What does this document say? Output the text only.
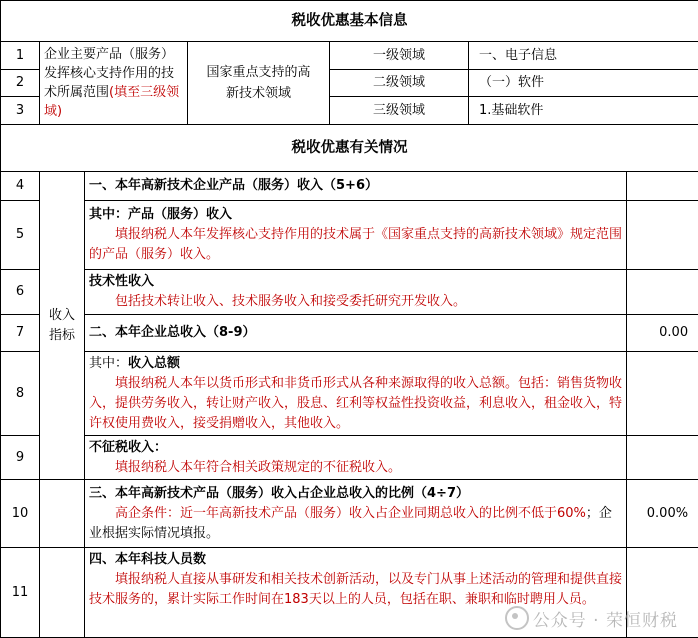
税收优惠基本信息						
1	企业主要产品（服务）发挥核心支持作用的技术所属范围(填至三级领域)		国家重点支持的高新技术领域	一级领域	一、电子信息	
2				二级领域	（一）软件	
3				三级领域	1.基础软件	
税收优惠有关情况						
4	收入指标	一、本年高新技术企业产品（服务）收入（5+6）				
5		其中：产品（服务）收入
填报纳税人本年发挥核心支持作用的技术属于《国家重点支持的高新技术领域》规定范围的产品（服务）收入。				

6		技术性收入
包括技术转让收入、技术服务收入和接受委托研究开发收入。				

7		二、本年企业总收入（8-9）				0.00
8		其中：收入总额
填报纳税人本年以货币形式和非货币形式从各种来源取得的收入总额。包括：销售货物收入，提供劳务收入，转让财产收入，股息、红利等权益性投资收益，利息收入，租金收入，特许权使用费收入，接受捐赠收入，其他收入。				

9		不征税收入：
填报纳税人本年符合相关政策规定的不征税收入。				

10		三、本年高新技术产品（服务）收入占企业总收入的比例（4÷7）
高企条件：近一年高新技术产品（服务）收入占企业同期总收入的比例不低于60%；企业根据实际情况填报。				0.00%
11		四、本年科技人员数
填报纳税人直接从事研发和相关技术创新活动，以及专门从事上述活动的管理和提供直接技术服务的，累计实际工作时间在183天以上的人员，包括在职、兼职和临时聘用人员。				

公众号 · 荣恒财税
